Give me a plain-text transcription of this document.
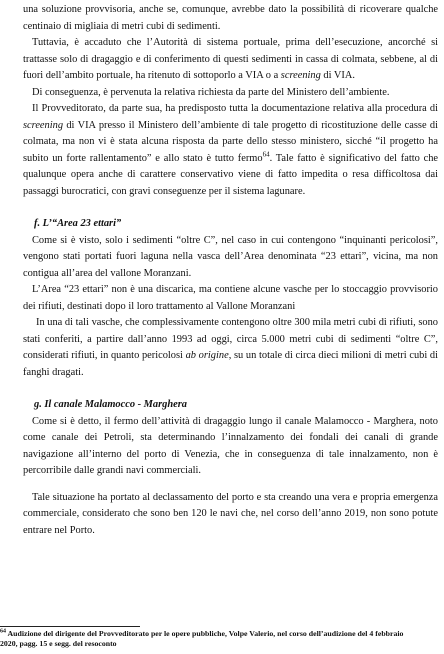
una soluzione provvisoria, anche se, comunque, avrebbe dato la possibilità di ricoverare qualche centinaio di migliaia di metri cubi di sedimenti.

Tuttavia, è accaduto che l’Autorità di sistema portuale, prima dell’esecuzione, ancorché si trattasse solo di dragaggio e di conferimento di questi sedimenti in cassa di colmata, sebbene, al di fuori dell’ambito portuale, ha ritenuto di sottoporlo a VIA o a screening di VIA.

Di conseguenza, è pervenuta la relativa richiesta da parte del Ministero dell’ambiente.

Il Provveditorato, da parte sua, ha predisposto tutta la documentazione relativa alla procedura di screening di VIA presso il Ministero dell’ambiente di tale progetto di ricostituzione delle casse di colmata, ma non vi è stata alcuna risposta da parte dello stesso ministero, sicché “il progetto ha subito un forte rallentamento” e allo stato è tutto fermo$^{64}$. Tale fatto è significativo del fatto che qualunque opera anche di carattere conservativo viene di fatto impedita o resa difficoltosa dai passaggi burocratici, con gravi conseguenze per il sistema lagunare.

f. L’“Area 23 ettari”

Come si è visto, solo i sedimenti “oltre C”, nel caso in cui contengono “inquinanti pericolosi”, vengono stati portati fuori laguna nella vasca dell’Area denominata “23 ettari”, vicina, ma non contigua all’area del vallone Moranzani.

L’Area “23 ettari” non è una discarica, ma contiene alcune vasche per lo stoccaggio provvisorio dei rifiuti, destinati dopo il loro trattamento al Vallone Moranzani

In una di tali vasche, che complessivamente contengono oltre 300 mila metri cubi di rifiuti, sono stati conferiti, a partire dall’anno 1993 ad oggi, circa 5.000 metri cubi di sedimenti “oltre C”, considerati rifiuti, in quanto pericolosi ab origine, su un totale di circa dieci milioni di metri cubi di fanghi dragati.

g. Il canale Malamocco - Marghera

Come si è detto, il fermo dell’attività di dragaggio lungo il canale Malamocco - Marghera, noto come canale dei Petroli, sta determinando l’innalzamento dei fondali dei canali di grande navigazione all’interno del porto di Venezia, che in conseguenza di tale innalzamento, non è percorribile dalle grandi navi commerciali.

Tale situazione ha portato al declassamento del porto e sta creando una vera e propria emergenza commerciale, considerato che sono ben 120 le navi che, nel corso dell’anno 2019, non sono potute entrare nel Porto.

$^{64}$ Audizione del dirigente del Provveditorato per le opere pubbliche, Volpe Valerio, nel corso dell’audizione del 4 febbraio 2020, pagg. 15 e segg. del resoconto
